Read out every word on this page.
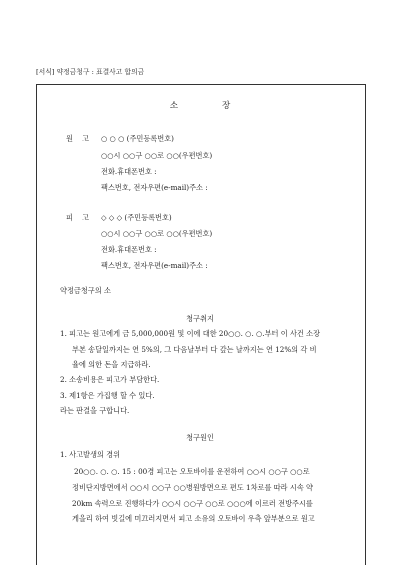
[서식] 약정금청구 : 표결사고 합의금
소	장
원 고 ○ ○ ○ (주민등록번호)
○○시 ○○구 ○○로 ○○(우편번호)
전화.휴대폰번호 :
팩스번호, 전자우편(e-mail)주소 :
피 고 ◇ ◇ ◇ (주민등록번호)
○○시 ○○구 ○○로 ○○(우편번호)
전화.휴대폰번호 :
팩스번호, 전자우편(e-mail)주소 :
약정금청구의 소
청구취지
1. 피고는 원고에게 금 5,000,000원 및 이에 대한 20○○. ○. ○.부터 이 사건 소장
부본 송달일까지는 연 5%의, 그 다음날부터 다 갚는 날까지는 연 12%의 각 비
율에 의한 돈을 지급하라.
2. 소송비용은 피고가 부담한다.
3. 제1항은 가집행 할 수 있다.
라는 판결을 구합니다.
청구원인
1. 사고발생의 경위
20○○. ○. ○. 15 : 00경 피고는 오토바이를 운전하여 ○○시 ○○구 ○○로
정비단지방면에서 ○○시 ○○구 ○○병원방면으로 편도 1차로를 따라 시속 약
20km 속력으로 진행하다가 ○○시 ○○구 ○○로 ○○○에 이르러 전방주시를
게을리 하여 빗길에 미끄러지면서 피고 소유의 오토바이 우측 앞부분으로 원고
